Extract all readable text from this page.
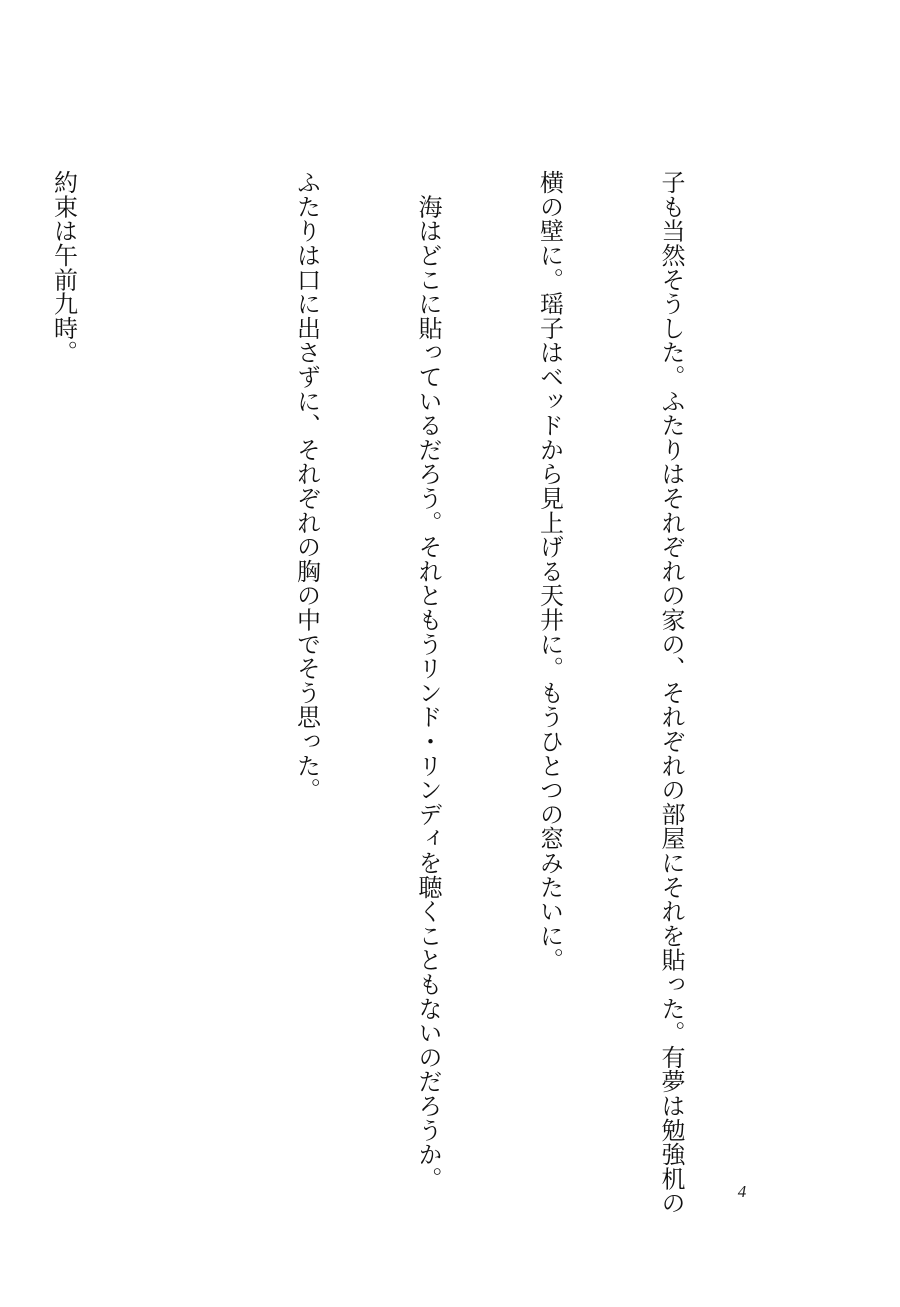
子も当然そうした。ふたりはそれぞれの家の、それぞれの部屋にそれを貼った。有夢は勉強机の

横の壁に。瑶子はベッドから見上げる天井に。もうひとつの窓みたいに。

　海はどこに貼っているだろう。それともうリンド・リンディを聴くこともないのだろうか。

ふたりは口に出さずに、それぞれの胸の中でそう思った。

約束は午前九時。

4
